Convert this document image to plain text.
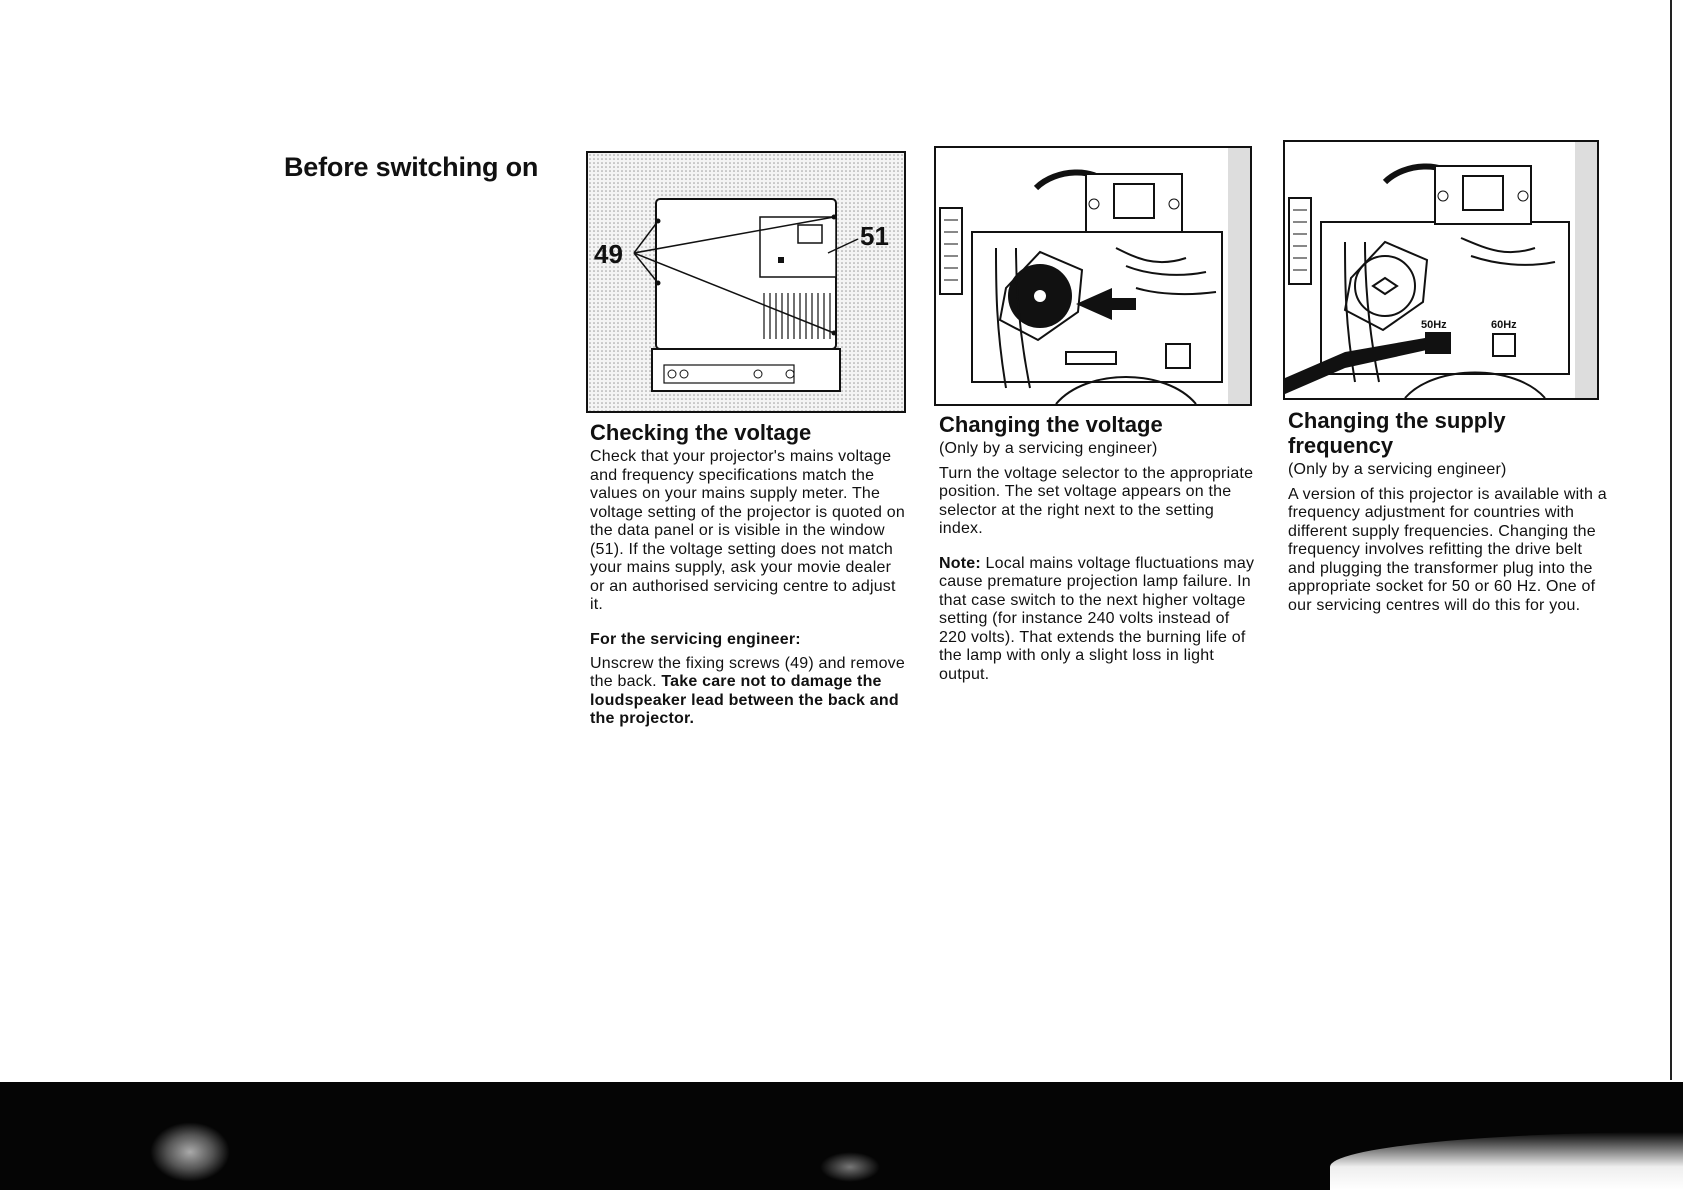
Before switching on
49
51
50Hz	60Hz
Checking the voltage

Check that your projector's mains voltage and frequency specifications match the values on your mains supply meter. The voltage setting of the projector is quoted on the data panel or is visible in the window (51). If the voltage setting does not match your mains supply, ask your movie dealer or an authorised servicing centre to adjust it.

For the servicing engineer:

Unscrew the fixing screws (49) and remove the back. Take care not to damage the loudspeaker lead between the back and the projector.

Changing the voltage

(Only by a servicing engineer)

Turn the voltage selector to the appropriate position. The set voltage appears on the selector at the right next to the setting index.

Note: Local mains voltage fluctuations may cause premature projection lamp failure. In that case switch to the next higher voltage setting (for instance 240 volts instead of 220 volts). That extends the burning life of the lamp with only a slight loss in light output.

Changing the supply frequency

(Only by a servicing engineer)

A version of this projector is available with a frequency adjustment for countries with different supply frequencies. Changing the frequency involves refitting the drive belt and plugging the transformer plug into the appropriate socket for 50 or 60 Hz. One of our servicing centres will do this for you.
